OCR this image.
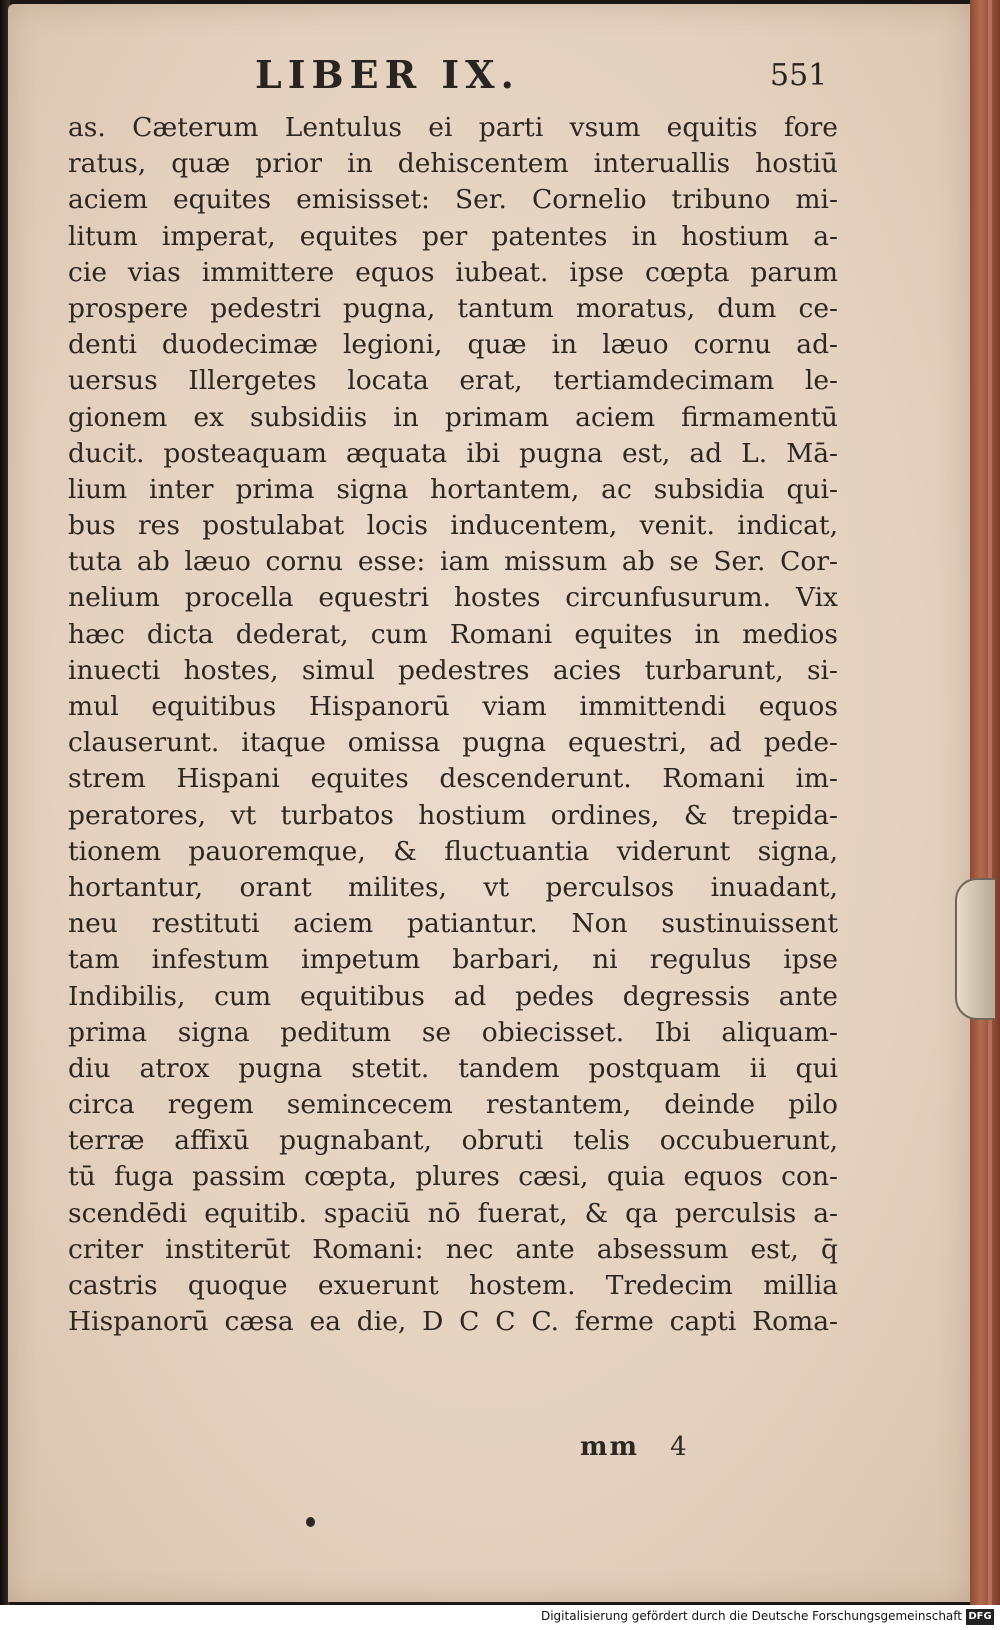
LIBER IX.	551
as. Cæterum Lentulus ei parti vsum equitis fore
ratus, quæ prior in dehiscentem interuallis hostiū
aciem equites emisisset: Ser. Cornelio tribuno mi-
litum imperat, equites per patentes in hostium a-
cie vias immittere equos iubeat. ipse cœpta parum
prospere pedestri pugna, tantum moratus, dum ce-
denti duodecimæ legioni, quæ in læuo cornu ad-
uersus Illergetes locata erat, tertiamdecimam le-
gionem ex subsidiis in primam aciem firmamentū
ducit. posteaquam æquata ibi pugna est, ad L. Mā-
lium inter prima signa hortantem, ac subsidia qui-
bus res postulabat locis inducentem, venit. indicat,
tuta ab læuo cornu esse: iam missum ab se Ser. Cor-
nelium procella equestri hostes circunfusurum. Vix
hæc dicta dederat, cum Romani equites in medios
inuecti hostes, simul pedestres acies turbarunt, si-
mul equitibus Hispanorū viam immittendi equos
clauserunt. itaque omissa pugna equestri, ad pede-
strem Hispani equites descenderunt. Romani im-
peratores, vt turbatos hostium ordines, & trepida-
tionem pauoremque, & fluctuantia viderunt signa,
hortantur, orant milites, vt perculsos inuadant,
neu restituti aciem patiantur. Non sustinuissent
tam infestum impetum barbari, ni regulus ipse
Indibilis, cum equitibus ad pedes degressis ante
prima signa peditum se obiecisset. Ibi aliquam-
diu atrox pugna stetit. tandem postquam ii qui
circa regem semincecem restantem, deinde pilo
terræ affixū pugnabant, obruti telis occubuerunt,
tū fuga passim cœpta, plures cæsi, quia equos con-
scendēdi equitib. spaciū nō fuerat, & qa perculsis a-
criter institerūt Romani: nec ante absessum est, q̄
castris quoque exuerunt hostem. Tredecim millia
Hispanorū cæsa ea die, D C C C. ferme capti Roma-
mm 4
Digitalisierung gefördert durch die Deutsche Forschungsgemeinschaft DFG
